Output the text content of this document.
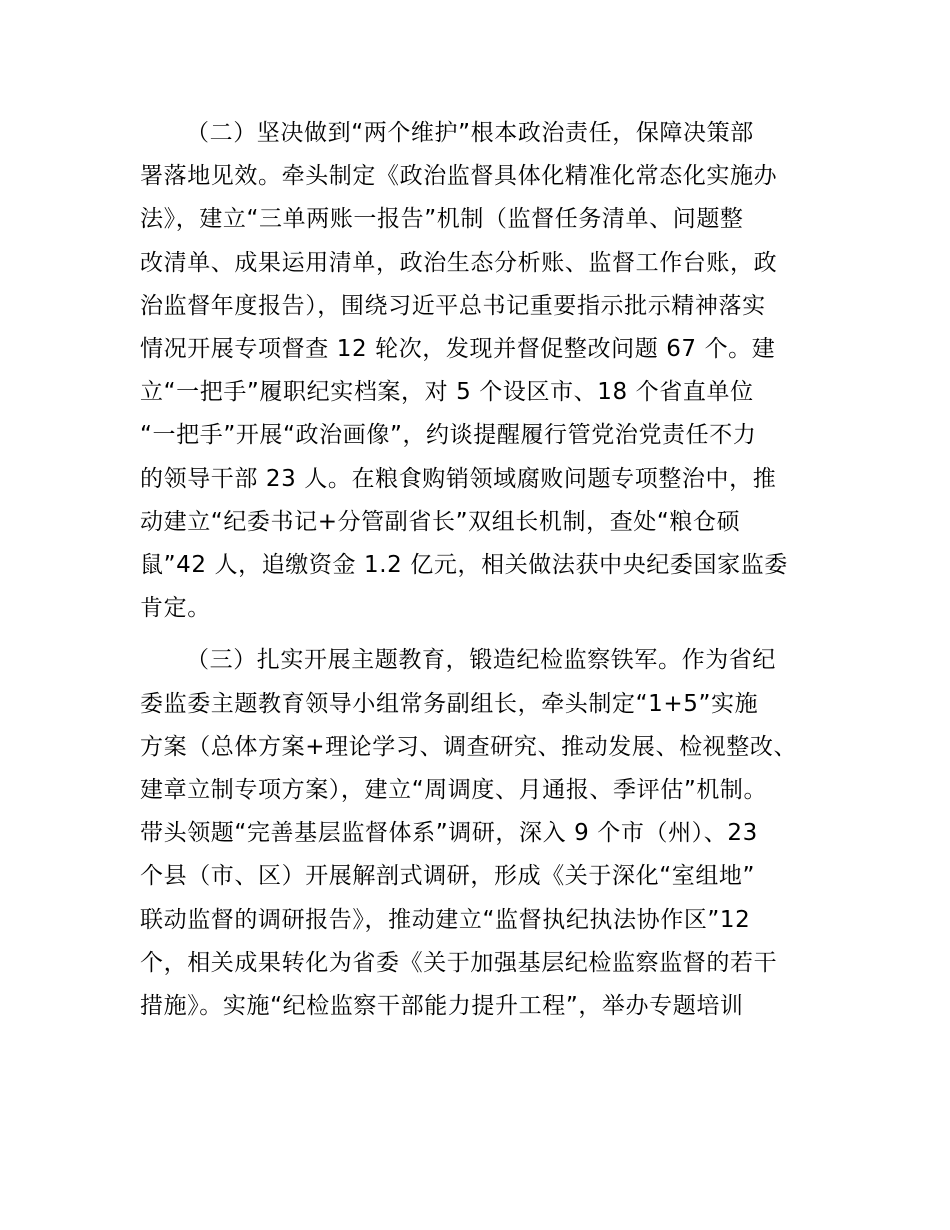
（二）坚决做到“两个维护”根本政治责任，保障决策部
署落地见效。牵头制定《政治监督具体化精准化常态化实施办
法》，建立“三单两账一报告”机制（监督任务清单、问题整
改清单、成果运用清单，政治生态分析账、监督工作台账，政
治监督年度报告），围绕习近平总书记重要指示批示精神落实
情况开展专项督查 12 轮次，发现并督促整改问题 67 个。建
立“一把手”履职纪实档案，对 5 个设区市、18 个省直单位
“一把手”开展“政治画像”，约谈提醒履行管党治党责任不力
的领导干部 23 人。在粮食购销领域腐败问题专项整治中，推
动建立“纪委书记+分管副省长”双组长机制，查处“粮仓硕
鼠”42 人，追缴资金 1.2 亿元，相关做法获中央纪委国家监委
肯定。
（三）扎实开展主题教育，锻造纪检监察铁军。作为省纪
委监委主题教育领导小组常务副组长，牵头制定“1+5”实施
方案（总体方案+理论学习、调查研究、推动发展、检视整改、
建章立制专项方案），建立“周调度、月通报、季评估”机制。
带头领题“完善基层监督体系”调研，深入 9 个市（州）、23
个县（市、区）开展解剖式调研，形成《关于深化“室组地”
联动监督的调研报告》，推动建立“监督执纪执法协作区”12
个，相关成果转化为省委《关于加强基层纪检监察监督的若干
措施》。实施“纪检监察干部能力提升工程”，举办专题培训
